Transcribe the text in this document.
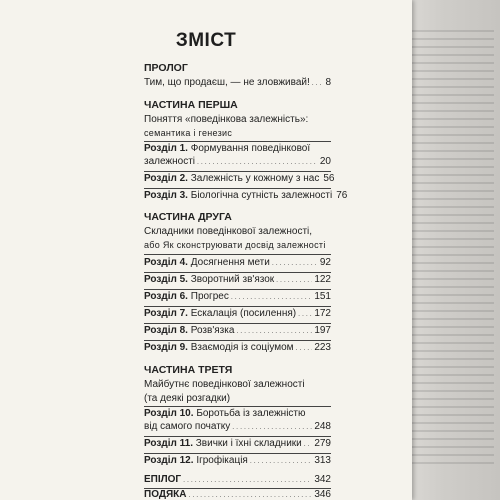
ЗМІСТ
ПРОЛОГ
Тим, що продаєш, — не зловживай! . . . 8
ЧАСТИНА ПЕРША
Поняття «поведінкова залежність»:
семантика і генезис
Розділ 1. Формування поведінкової
залежності . . .	20
Розділ 2. Залежність у кожному з нас 56
Розділ 3. Біологічна сутність залежності 76
ЧАСТИНА ДРУГА
Складники поведінкової залежності,
або Як сконструювати досвід залежності
Розділ 4. Досягнення мети . . .	92
Розділ 5. Зворотний зв'язок . . .	122
Розділ 6. Прогрес . . .	151
Розділ 7. Ескалація (посилення) . . . 172
Розділ 8. Розв'язка . . .	197
Розділ 9. Взаємодія із соціумом . . . 223
ЧАСТИНА ТРЕТЯ
Майбутнє поведінкової залежності
(та деякі розгадки)
Розділ 10. Боротьба із залежністю
від самого початку . . .	248
Розділ 11. Звички і їхні складники . . . 279
Розділ 12. Ігрофікація . . .	313
ЕПІЛОГ . . .	342
ПОДЯКА . . .	346
